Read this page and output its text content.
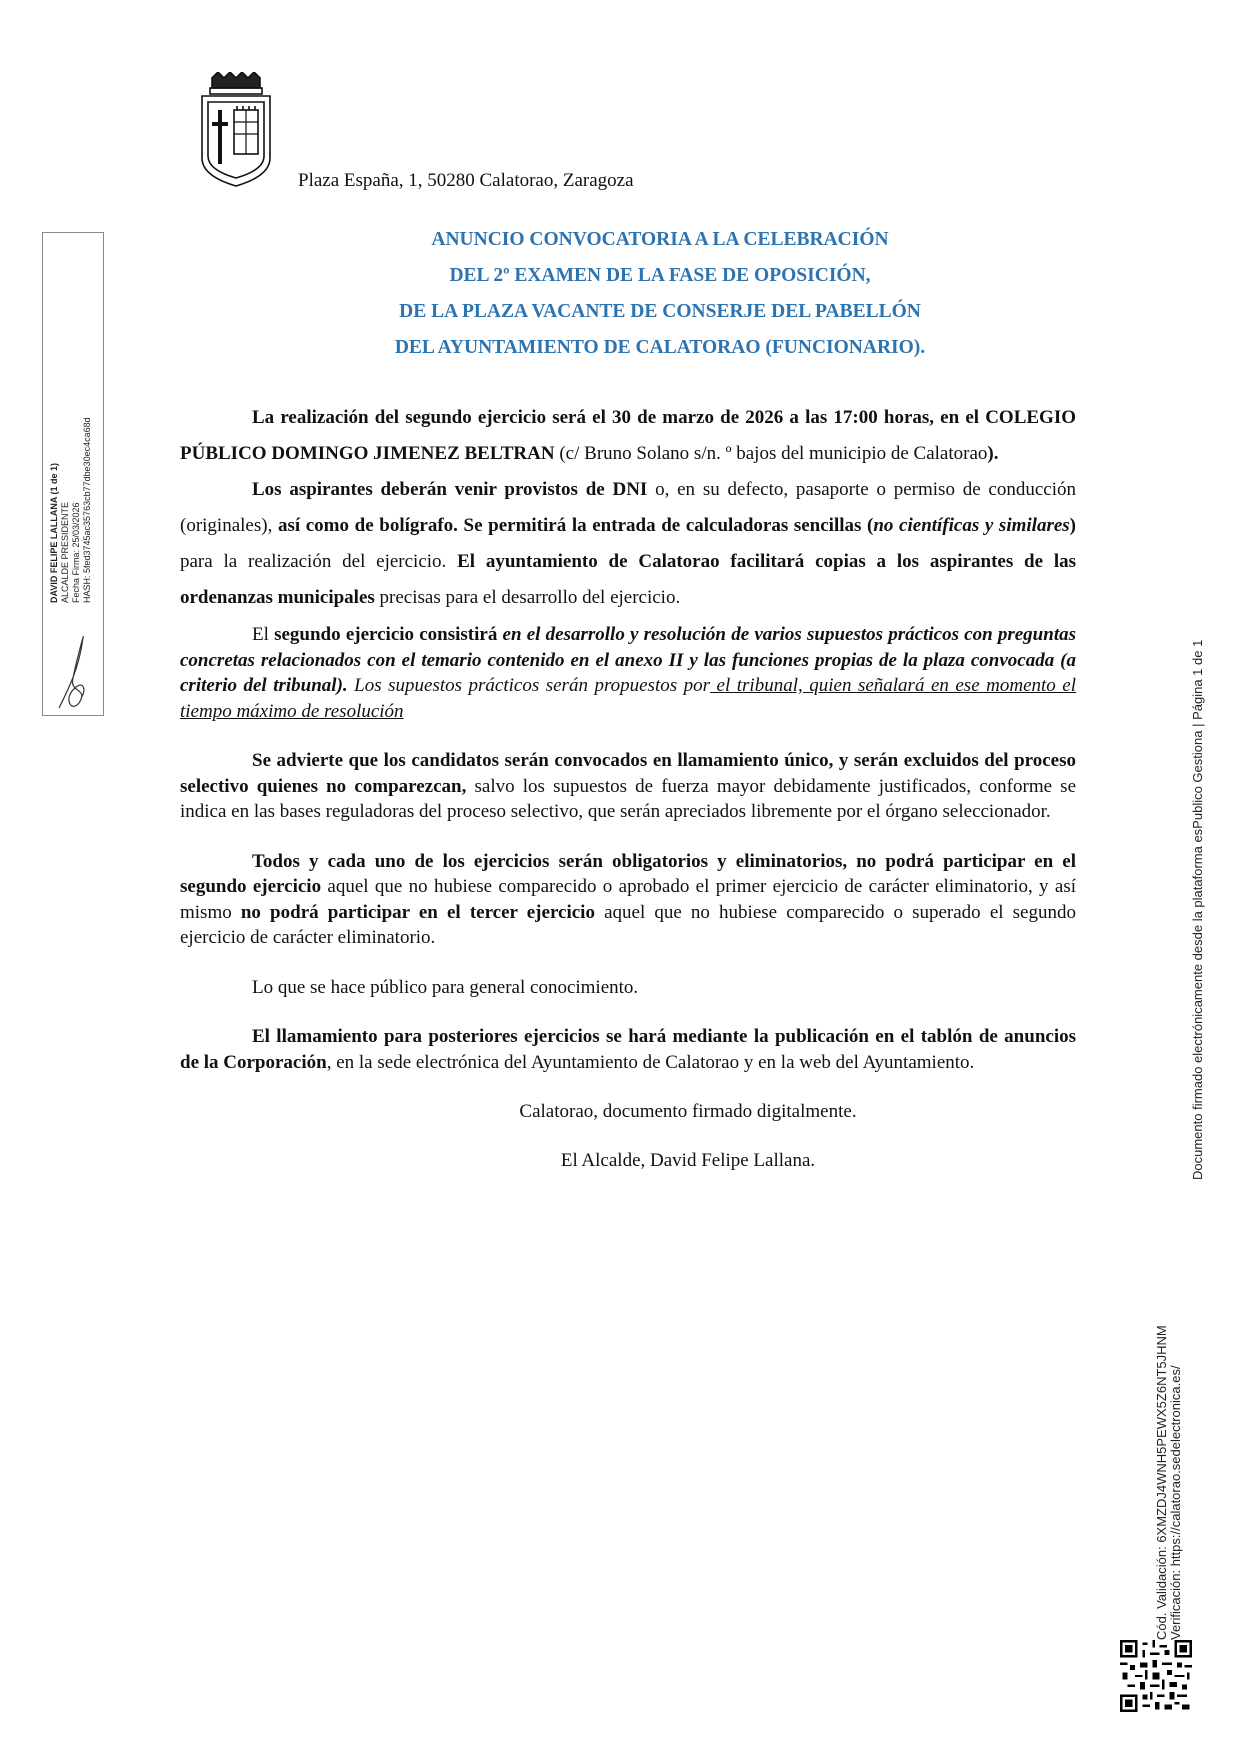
Plaza España, 1, 50280 Calatorao, Zaragoza
ANUNCIO CONVOCATORIA A LA CELEBRACIÓN
DEL 2º EXAMEN DE LA FASE DE OPOSICIÓN,
DE LA PLAZA VACANTE DE CONSERJE DEL PABELLÓN
DEL AYUNTAMIENTO DE CALATORAO (FUNCIONARIO).

La realización del segundo ejercicio será el 30 de marzo de 2026 a las 17:00 horas, en el COLEGIO PÚBLICO DOMINGO JIMENEZ BELTRAN (c/ Bruno Solano s/n. º bajos del municipio de Calatorao).

Los aspirantes deberán venir provistos de DNI o, en su defecto, pasaporte o permiso de conducción (originales), así como de bolígrafo. Se permitirá la entrada de calculadoras sencillas (no científicas y similares) para la realización del ejercicio. El ayuntamiento de Calatorao facilitará copias a los aspirantes de las ordenanzas municipales precisas para el desarrollo del ejercicio.

El segundo ejercicio consistirá en el desarrollo y resolución de varios supuestos prácticos con preguntas concretas relacionados con el temario contenido en el anexo II y las funciones propias de la plaza convocada (a criterio del tribunal). Los supuestos prácticos serán propuestos por el tribunal, quien señalará en ese momento el tiempo máximo de resolución

Se advierte que los candidatos serán convocados en llamamiento único, y serán excluidos del proceso selectivo quienes no comparezcan, salvo los supuestos de fuerza mayor debidamente justificados, conforme se indica en las bases reguladoras del proceso selectivo, que serán apreciados libremente por el órgano seleccionador.

Todos y cada uno de los ejercicios serán obligatorios y eliminatorios, no podrá participar en el segundo ejercicio aquel que no hubiese comparecido o aprobado el primer ejercicio de carácter eliminatorio, y así mismo no podrá participar en el tercer ejercicio aquel que no hubiese comparecido o superado el segundo ejercicio de carácter eliminatorio.

Lo que se hace público para general conocimiento.

El llamamiento para posteriores ejercicios se hará mediante la publicación en el tablón de anuncios de la Corporación, en la sede electrónica del Ayuntamiento de Calatorao y en la web del Ayuntamiento.

Calatorao, documento firmado digitalmente.

El Alcalde, David Felipe Lallana.

DAVID FELIPE LALLANA (1 de 1) ALCALDE PRESIDENTE Fecha Firma: 25/03/2026 HASH: 5fed3745ac35763cb77dbe30ec4ca68d
Documento firmado electrónicamente desde la plataforma esPublico Gestiona | Página 1 de 1
Cód. Validación: 6XMZDJ4WNH5PEWX5Z6NT5JHNM Verificación: https://calatorao.sedelectronica.es/
